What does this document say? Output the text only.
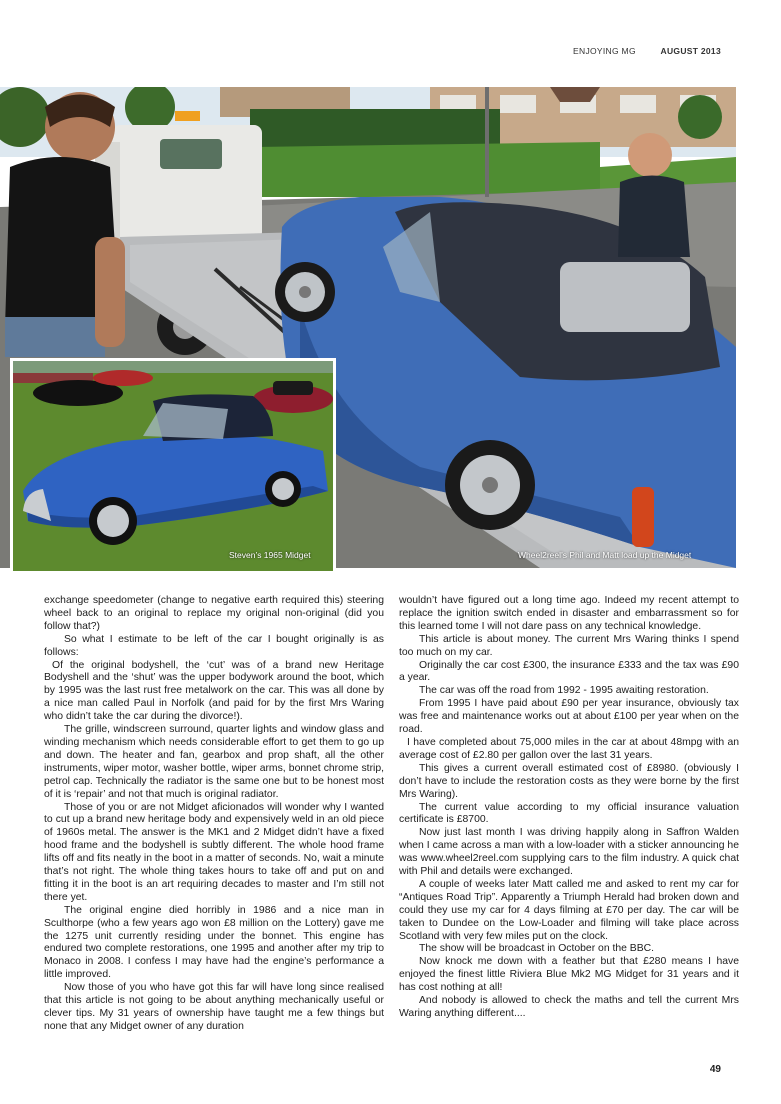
ENJOYING MG	AUGUST 2013
Steven’s 1965 Midget	Wheel2reel’s Phil and Matt load up the Midget

exchange speedometer (change to negative earth required this) steering wheel back to an original to replace my original non-original (did you follow that?)

So what I estimate to be left of the car I bought originally is as follows:

Of the original bodyshell, the ‘cut’ was of a brand new Heritage Bodyshell and the ‘shut’ was the upper bodywork around the boot, which by 1995 was the last rust free metalwork on the car. This was all done by a nice man called Paul in Norfolk (and paid for by the first Mrs Waring who didn’t take the car during the divorce!).

The grille, windscreen surround, quarter lights and window glass and winding mechanism which needs considerable effort to get them to go up and down. The heater and fan, gearbox and prop shaft, all the other instruments, wiper motor, washer bottle, wiper arms, bonnet chrome strip, petrol cap. Technically the radiator is the same one but to be honest most of it is ‘repair’ and not that much is original radiator.

Those of you or are not Midget aficionados will wonder why I wanted to cut up a brand new heritage body and expensively weld in an old piece of 1960s metal. The answer is the MK1 and 2 Midget didn’t have a fixed hood frame and the bodyshell is subtly different. The whole hood frame lifts off and fits neatly in the boot in a matter of seconds. No, wait a minute that’s not right. The whole thing takes hours to take off and put on and fitting it in the boot is an art requiring decades to master and I’m still not there yet.

The original engine died horribly in 1986 and a nice man in Sculthorpe (who a few years ago won £8 million on the Lottery) gave me the 1275 unit currently residing under the bonnet. This engine has endured two complete restorations, one 1995 and another after my trip to Monaco in 2008. I confess I may have had the engine’s performance a little improved.

Now those of you who have got this far will have long since realised that this article is not going to be about anything mechanically useful or clever tips. My 31 years of ownership have taught me a few things but none that any Midget owner of any duration

wouldn’t have figured out a long time ago. Indeed my recent attempt to replace the ignition switch ended in disaster and embarrassment so for this learned tome I will not dare pass on any technical knowledge.

This article is about money. The current Mrs Waring thinks I spend too much on my car.

Originally the car cost £300, the insurance £333 and the tax was £90 a year.

The car was off the road from 1992 - 1995 awaiting restoration.

From 1995 I have paid about £90 per year insurance, obviously tax was free and maintenance works out at about £100 per year when on the road.

I have completed about 75,000 miles in the car at about 48mpg with an average cost of £2.80 per gallon over the last 31 years.

This gives a current overall estimated cost of £8980. (obviously I don’t have to include the restoration costs as they were borne by the first Mrs Waring).

The current value according to my official insurance valuation certificate is £8700.

Now just last month I was driving happily along in Saffron Walden when I came across a man with a low-loader with a sticker announcing he was www.wheel2reel.com supplying cars to the film industry. A quick chat with Phil and details were exchanged.

A couple of weeks later Matt called me and asked to rent my car for “Antiques Road Trip”. Apparently a Triumph Herald had broken down and could they use my car for 4 days filming at £70 per day. The car will be taken to Dundee on the Low-Loader and filming will take place across Scotland with very few miles put on the clock.

The show will be broadcast in October on the BBC.

Now knock me down with a feather but that £280 means I have enjoyed the finest little Riviera Blue Mk2 MG Midget for 31 years and it has cost nothing at all!

And nobody is allowed to check the maths and tell the current Mrs Waring anything different....

49
